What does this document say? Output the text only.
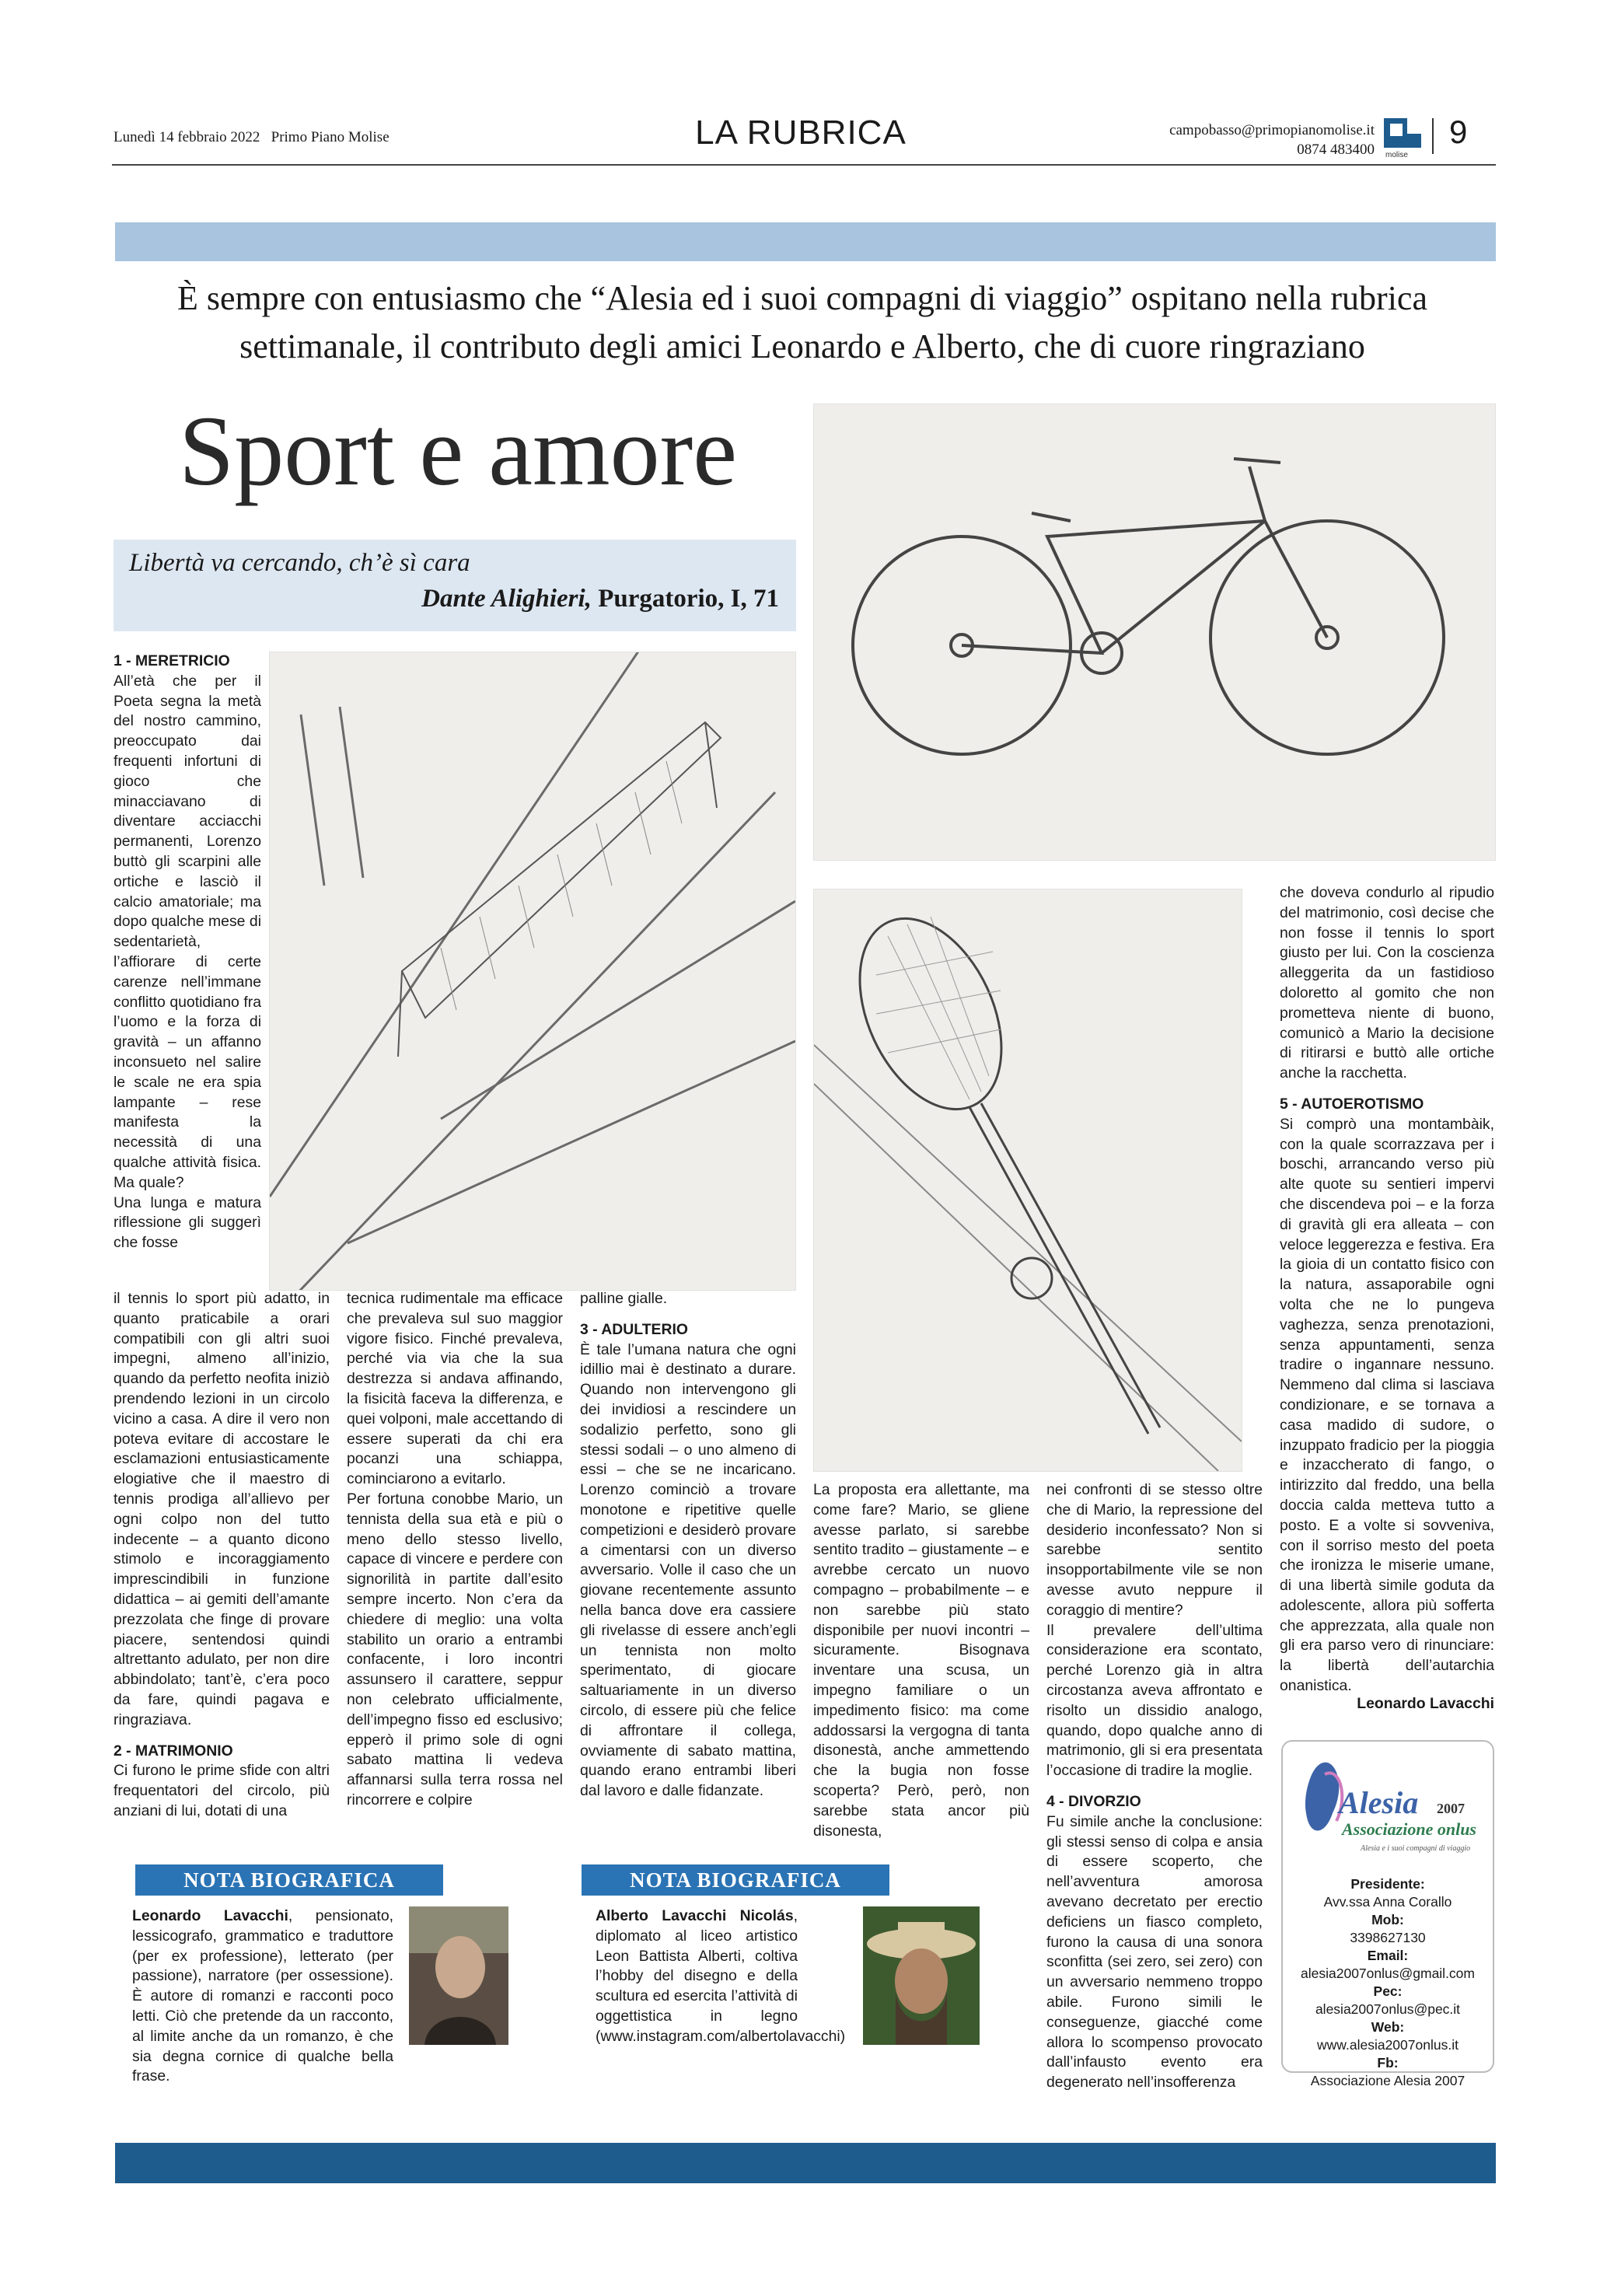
Lunedì 14 febbraio 2022 Primo Piano Molise	LA RUBRICA	campobasso@primopianomolise.it
0874 483400 molise
9
È sempre con entusiasmo che “Alesia ed i suoi compagni di viaggio” ospitano nella rubrica
settimanale, il contributo degli amici Leonardo e Alberto, che di cuore ringraziano
Sport e amore
Libertà va cercando, ch’è sì cara
Dante Alighieri, Purgatorio, I, 71

1 - MERETRICIO

All’età che per il Poeta segna la metà del nostro cammino, preoccupato dai frequenti infortuni di gioco che minacciavano di diventare acciacchi permanenti, Lorenzo buttò gli scarpini alle ortiche e lasciò il calcio amatoriale; ma dopo qualche mese di sedentarietà, l’affiorare di certe carenze nell’immane conflitto quotidiano fra l’uomo e la forza di gravità – un affanno inconsueto nel salire le scale ne era spia lampante – rese manifesta la necessità di una qualche attività fisica. Ma quale?

Una lunga e matura riflessione gli suggerì che fosse

il tennis lo sport più adatto, in quanto praticabile a orari compatibili con gli altri suoi impegni, almeno all’inizio, quando da perfetto neofita iniziò prendendo lezioni in un circolo vicino a casa. A dire il vero non poteva evitare di accostare le esclamazioni entusiasticamente elogiative che il maestro di tennis prodiga all’allievo per ogni colpo non del tutto indecente – a quanto dicono stimolo e incoraggiamento imprescindibili in funzione didattica – ai gemiti dell’amante prezzolata che finge di provare piacere, sentendosi quindi altrettanto adulato, per non dire abbindolato; tant’è, c’era poco da fare, quindi pagava e ringraziava.

2 - MATRIMONIO

Ci furono le prime sfide con altri frequentatori del circolo, più anziani di lui, dotati di una

tecnica rudimentale ma efficace che prevaleva sul suo maggior vigore fisico. Finché prevaleva, perché via via che la sua destrezza si andava affinando, la fisicità faceva la differenza, e quei volponi, male accettando di essere superati da chi era pocanzi una schiappa, cominciarono a evitarlo.

Per fortuna conobbe Mario, un tennista della sua età e più o meno dello stesso livello, capace di vincere e perdere con signorilità in partite dall’esito sempre incerto. Non c’era da chiedere di meglio: una volta stabilito un orario a entrambi confacente, i loro incontri assunsero il carattere, seppur non celebrato ufficialmente, dell’impegno fisso ed esclusivo; epperò il primo sole di ogni sabato mattina li vedeva affannarsi sulla terra rossa nel rincorrere e colpire

palline gialle.

3 - ADULTERIO

È tale l’umana natura che ogni idillio mai è destinato a durare. Quando non intervengono gli dei invidiosi a rescindere un sodalizio perfetto, sono gli stessi sodali – o uno almeno di essi – che se ne incaricano. Lorenzo cominciò a trovare monotone e ripetitive quelle competizioni e desiderò provare a cimentarsi con un diverso avversario. Volle il caso che un giovane recentemente assunto nella banca dove era cassiere gli rivelasse di essere anch’egli un tennista non molto sperimentato, di giocare saltuariamente in un diverso circolo, di essere più che felice di affrontare il collega, ovviamente di sabato mattina, quando erano entrambi liberi dal lavoro e dalle fidanzate.

La proposta era allettante, ma come fare? Mario, se gliene avesse parlato, si sarebbe sentito tradito – giustamente – e avrebbe cercato un nuovo compagno – probabilmente – e non sarebbe più stato disponibile per nuovi incontri – sicuramente. Bisognava inventare una scusa, un impegno familiare o un impedimento fisico: ma come addossarsi la vergogna di tanta disonestà, anche ammettendo che la bugia non fosse scoperta? Però, però, non sarebbe stata ancor più disonesta,

nei confronti di se stesso oltre che di Mario, la repressione del desiderio inconfessato? Non si sarebbe sentito insopportabilmente vile se non avesse avuto neppure il coraggio di mentire?

Il prevalere dell’ultima considerazione era scontato, perché Lorenzo già in altra circostanza aveva affrontato e risolto un dissidio analogo, quando, dopo qualche anno di matrimonio, gli si era presentata l’occasione di tradire la moglie.

4 - DIVORZIO

Fu simile anche la conclusione: gli stessi senso di colpa e ansia di essere scoperto, che nell’avventura amorosa avevano decretato per erectio deficiens un fiasco completo, furono la causa di una sonora sconfitta (sei zero, sei zero) con un avversario nemmeno troppo abile. Furono simili le conseguenze, giacché come allora lo scompenso provocato dall’infausto evento era degenerato nell’insofferenza

che doveva condurlo al ripudio del matrimonio, così decise che non fosse il tennis lo sport giusto per lui. Con la coscienza alleggerita da un fastidioso doloretto al gomito che non prometteva niente di buono, comunicò a Mario la decisione di ritirarsi e buttò alle ortiche anche la racchetta.

5 - AUTOEROTISMO

Si comprò una montambàik, con la quale scorrazzava per i boschi, arrancando verso più alte quote su sentieri impervi che discendeva poi – e la forza di gravità gli era alleata – con veloce leggerezza e festiva. Era la gioia di un contatto fisico con la natura, assaporabile ogni volta che ne lo pungeva vaghezza, senza prenotazioni, senza appuntamenti, senza tradire o ingannare nessuno. Nemmeno dal clima si lasciava condizionare, e se tornava a casa madido di sudore, o inzuppato fradicio per la pioggia e inzaccherato di fango, o intirizzito dal freddo, una bella doccia calda metteva tutto a posto. E a volte si sovveniva, con il sorriso mesto del poeta che ironizza le miserie umane, di una libertà simile goduta da adolescente, allora più sofferta che apprezzata, alla quale non gli era parso vero di rinunciare: la libertà dell’autarchia onanistica.

Leonardo Lavacchi
NOTA BIOGRAFICA
Leonardo Lavacchi, pensionato, lessicografo, grammatico e traduttore (per ex professione), letterato (per passione), narratore (per ossessione). È autore di romanzi e racconti poco letti. Ciò che pretende da un racconto, al limite anche da un romanzo, è che sia degna cornice di qualche bella frase.
NOTA BIOGRAFICA
Alberto Lavacchi Nicolás, diplomato al liceo artistico Leon Battista Alberti, coltiva l’hobby del disegno e della scultura ed esercita l’attività di oggettistica in legno (www.instagram.com/albertolavacchi)
Alesia 2007
Associazione onlus
Alesia e i suoi compagni di viaggio
Presidente:
Avv.ssa Anna Corallo
Mob:
3398627130
Email:
alesia2007onlus@gmail.com
Pec:
alesia2007onlus@pec.it
Web:
www.alesia2007onlus.it
Fb:
Associazione Alesia 2007
